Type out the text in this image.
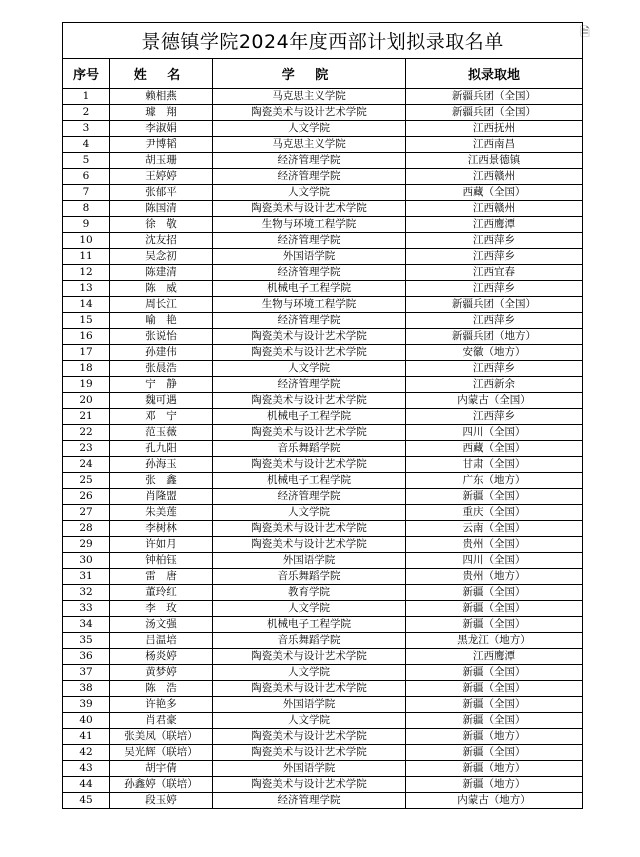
🗎
景德镇学院2024年度西部计划拟录取名单			
序号	姓 名	学 院	拟录取地
1	赖相燕	马克思主义学院	新疆兵团（全国）
2	璩　翔	陶瓷美术与设计艺术学院	新疆兵团（全国）
3	李淑娟	人文学院	江西抚州
4	尹博韬	马克思主义学院	江西南昌
5	胡玉珊	经济管理学院	江西景德镇
6	王婷婷	经济管理学院	江西赣州
7	张郁平	人文学院	西藏（全国）
8	陈国清	陶瓷美术与设计艺术学院	江西赣州
9	徐　敬	生物与环境工程学院	江西鹰潭
10	沈友招	经济管理学院	江西萍乡
11	吴念初	外国语学院	江西萍乡
12	陈建清	经济管理学院	江西宜春
13	陈　威	机械电子工程学院	江西萍乡
14	周长江	生物与环境工程学院	新疆兵团（全国）
15	喻　艳	经济管理学院	江西萍乡
16	张说怡	陶瓷美术与设计艺术学院	新疆兵团（地方）
17	孙建伟	陶瓷美术与设计艺术学院	安徽（地方）
18	张晨浩	人文学院	江西萍乡
19	宁　静	经济管理学院	江西新余
20	魏可遇	陶瓷美术与设计艺术学院	内蒙古（全国）
21	邓　宁	机械电子工程学院	江西萍乡
22	范玉薇	陶瓷美术与设计艺术学院	四川（全国）
23	孔九阳	音乐舞蹈学院	西藏（全国）
24	孙海玉	陶瓷美术与设计艺术学院	甘肃（全国）
25	张　鑫	机械电子工程学院	广东（地方）
26	肖隆盟	经济管理学院	新疆（全国）
27	朱美莲	人文学院	重庆（全国）
28	李树林	陶瓷美术与设计艺术学院	云南（全国）
29	许如月	陶瓷美术与设计艺术学院	贵州（全国）
30	钟柏钰	外国语学院	四川（全国）
31	雷　唐	音乐舞蹈学院	贵州（地方）
32	董玲红	教育学院	新疆（全国）
33	李　玫	人文学院	新疆（全国）
34	汤文强	机械电子工程学院	新疆（全国）
35	吕温培	音乐舞蹈学院	黑龙江（地方）
36	杨炎婷	陶瓷美术与设计艺术学院	江西鹰潭
37	黄梦婷	人文学院	新疆（全国）
38	陈　浩	陶瓷美术与设计艺术学院	新疆（全国）
39	许艳多	外国语学院	新疆（全国）
40	肖君豪	人文学院	新疆（全国）
41	张美凤（联培）	陶瓷美术与设计艺术学院	新疆（地方）
42	吴光辉（联培）	陶瓷美术与设计艺术学院	新疆（全国）
43	胡宇倩	外国语学院	新疆（地方）
44	孙鑫婷（联培）	陶瓷美术与设计艺术学院	新疆（地方）
45	段玉婷	经济管理学院	内蒙古（地方）
